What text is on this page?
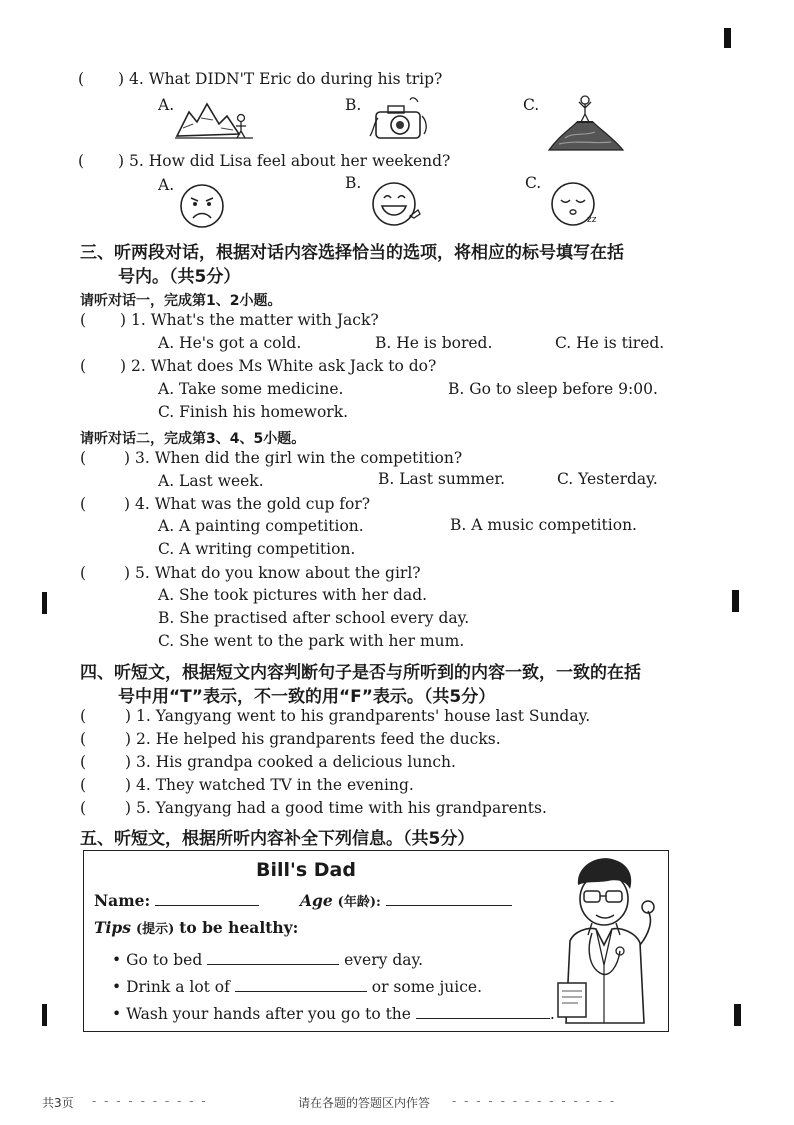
( ) 4. What DIDN'T Eric do during his trip?
A.	B.	C.
( ) 5. How did Lisa feel about her weekend?
A.	B.	C.
zz
三、听两段对话，根据对话内容选择恰当的选项，将相应的标号填写在括
号内。（共5分）
请听对话一，完成第1、2小题。
( ) 1. What's the matter with Jack?
A. He's got a cold.	B. He is bored.	C. He is tired.
( ) 2. What does Ms White ask Jack to do?
A. Take some medicine.	B. Go to sleep before 9:00.
C. Finish his homework.
请听对话二，完成第3、4、5小题。
( ) 3. When did the girl win the competition?
A. Last week.	B. Last summer.	C. Yesterday.
( ) 4. What was the gold cup for?
A. A painting competition.	B. A music competition.
C. A writing competition.
( ) 5. What do you know about the girl?
A. She took pictures with her dad.
B. She practised after school every day.
C. She went to the park with her mum.
四、听短文，根据短文内容判断句子是否与所听到的内容一致，一致的在括
号中用“T”表示，不一致的用“F”表示。（共5分）
(	) 1. Yangyang went to his grandparents' house last Sunday.
(	) 2. He helped his grandparents feed the ducks.
(	) 3. His grandpa cooked a delicious lunch.
(	) 4. They watched TV in the evening.
(	) 5. Yangyang had a good time with his grandparents.
五、听短文，根据所听内容补全下列信息。（共5分）
Bill's Dad
Name:	Age (年龄):
Tips (提示) to be healthy:
• Go to bed	every day.
• Drink a lot of	or some juice.
• Wash your hands after you go to the	.
共3页 - - - - - - - - - -	请在各题的答题区内作答 - - - - - - - - - - - - - -
